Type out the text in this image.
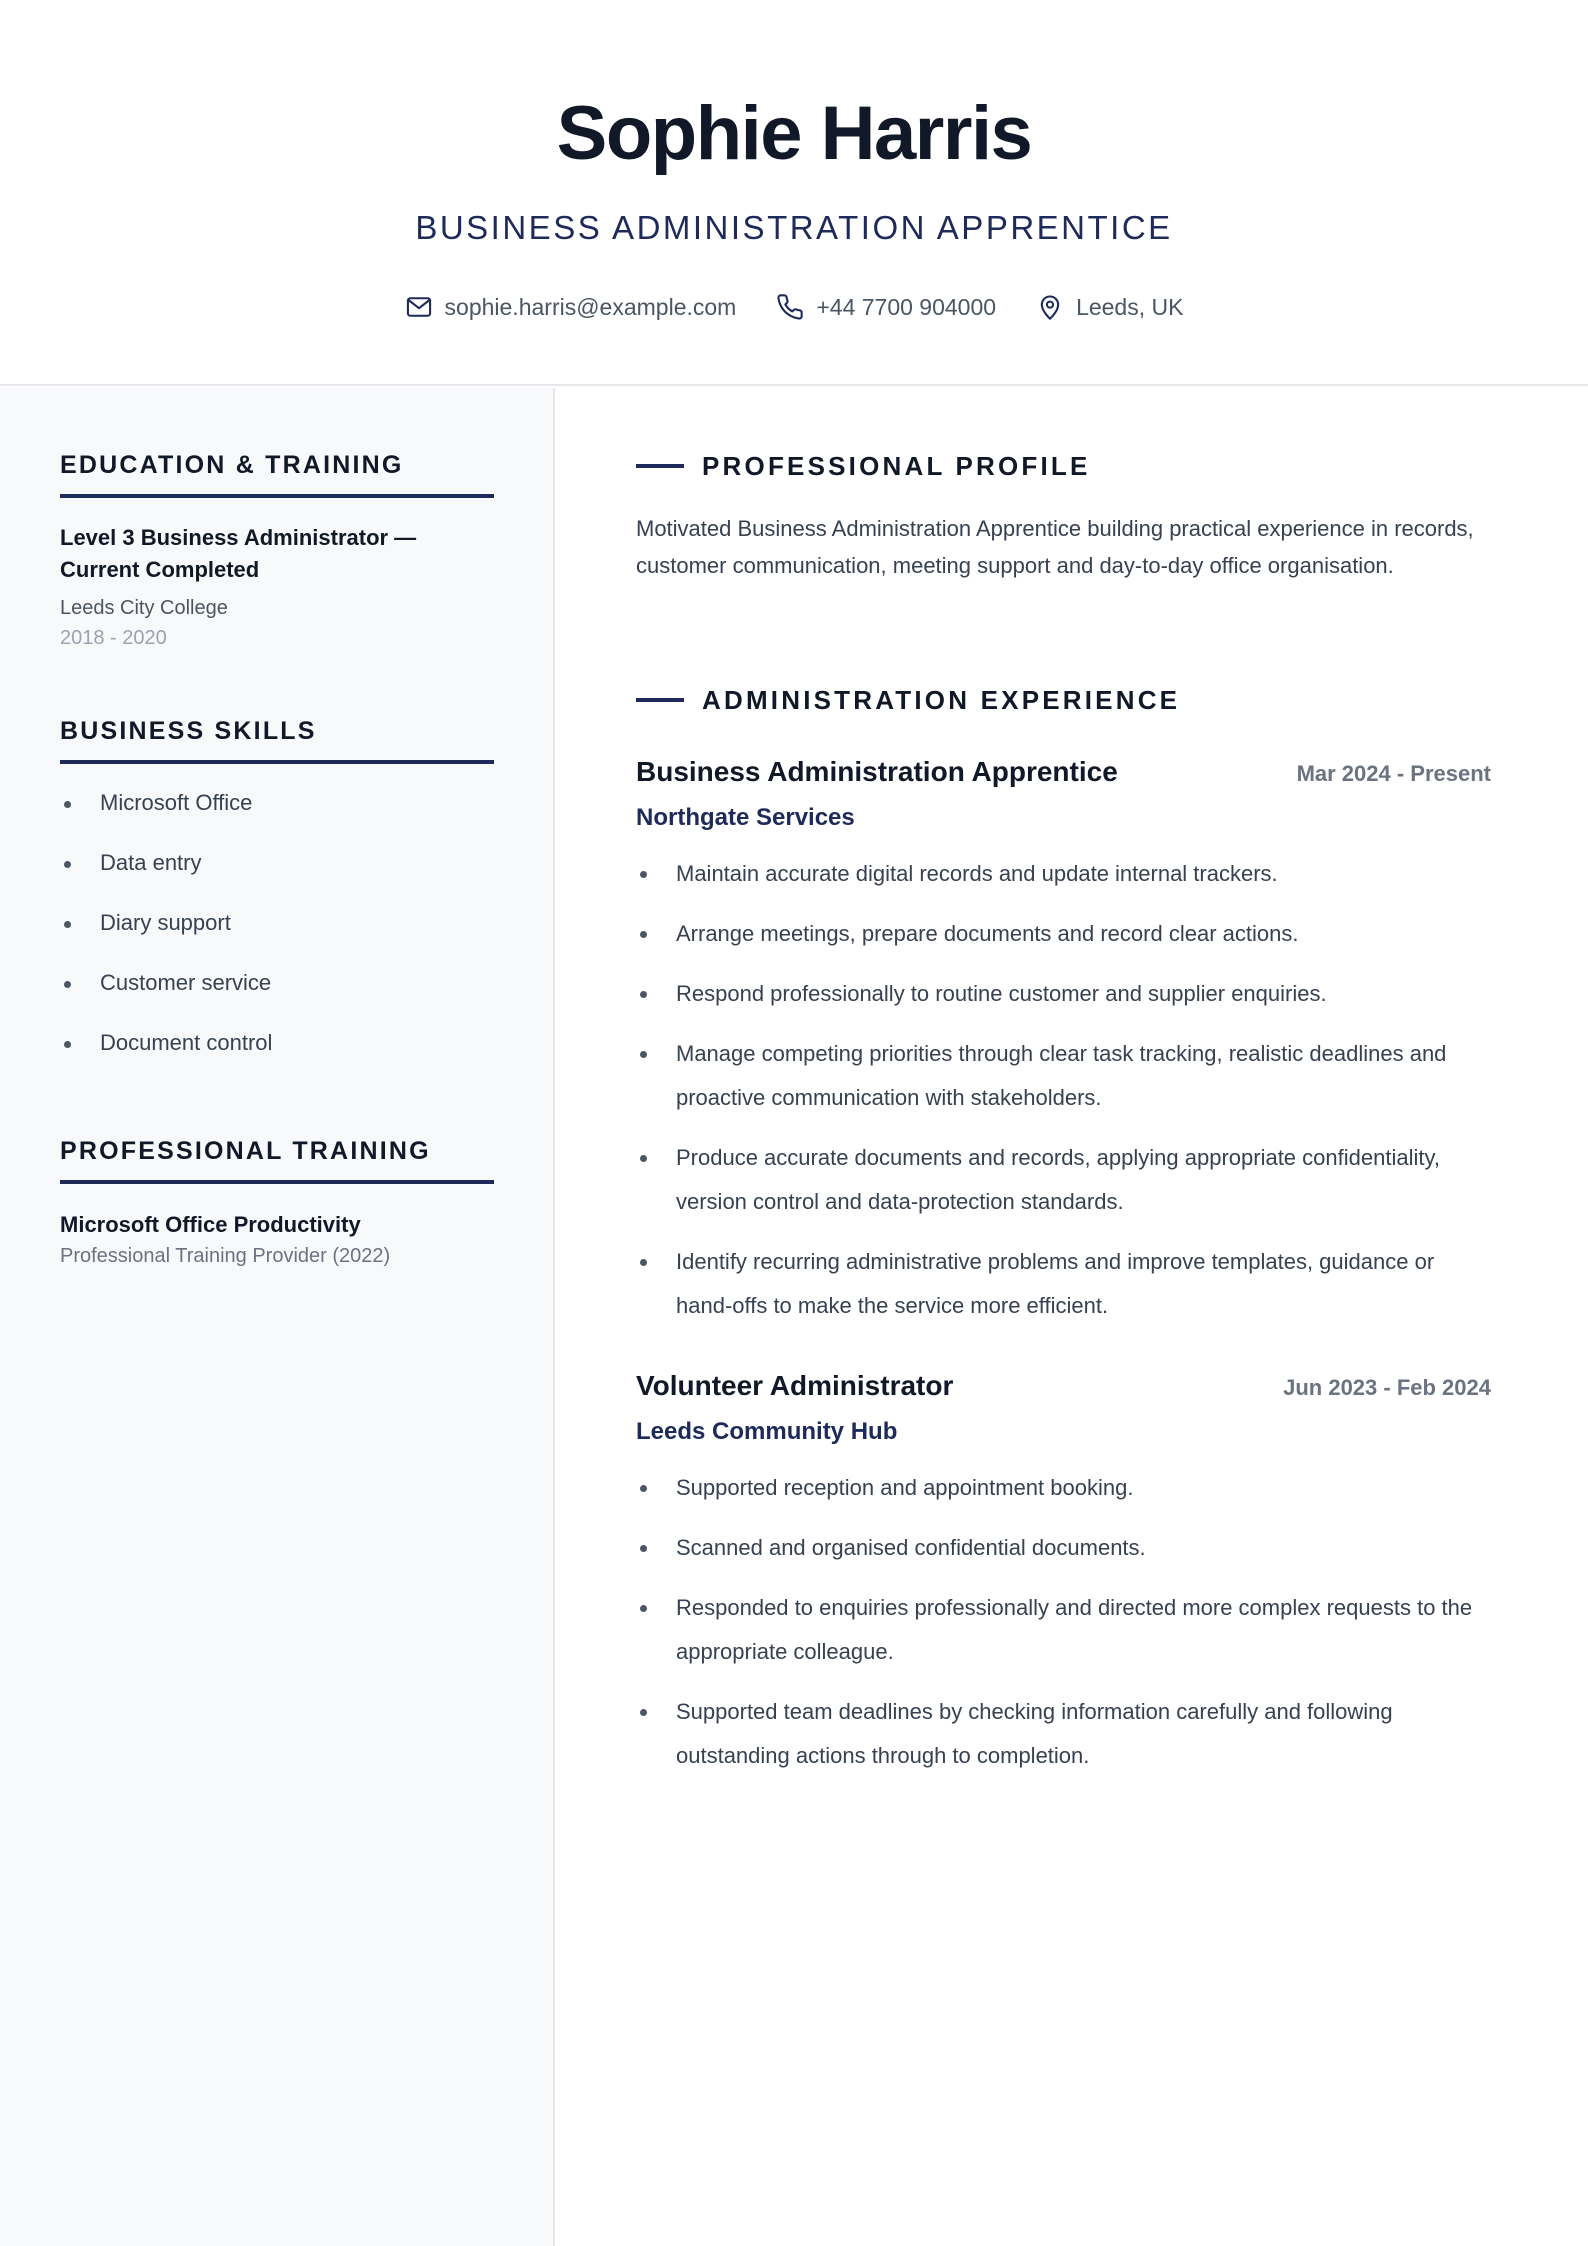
Sophie Harris
BUSINESS ADMINISTRATION APPRENTICE
sophie.harris@example.com	+44 7700 904000	Leeds, UK
EDUCATION & TRAINING
Level 3 Business Administrator — Current Completed
Leeds City College
2018 - 2020
BUSINESS SKILLS
Microsoft Office
Data entry
Diary support
Customer service
Document control
PROFESSIONAL TRAINING
Microsoft Office Productivity
Professional Training Provider (2022)
PROFESSIONAL PROFILE
Motivated Business Administration Apprentice building practical experience in records, customer communication, meeting support and day-to-day office organisation.
ADMINISTRATION EXPERIENCE
Business Administration Apprentice	Mar 2024 - Present
Northgate Services
Maintain accurate digital records and update internal trackers.
Arrange meetings, prepare documents and record clear actions.
Respond professionally to routine customer and supplier enquiries.
Manage competing priorities through clear task tracking, realistic deadlines and proactive communication with stakeholders.
Produce accurate documents and records, applying appropriate confidentiality, version control and data-protection standards.
Identify recurring administrative problems and improve templates, guidance or hand-offs to make the service more efficient.
Volunteer Administrator	Jun 2023 - Feb 2024
Leeds Community Hub
Supported reception and appointment booking.
Scanned and organised confidential documents.
Responded to enquiries professionally and directed more complex requests to the appropriate colleague.
Supported team deadlines by checking information carefully and following outstanding actions through to completion.
